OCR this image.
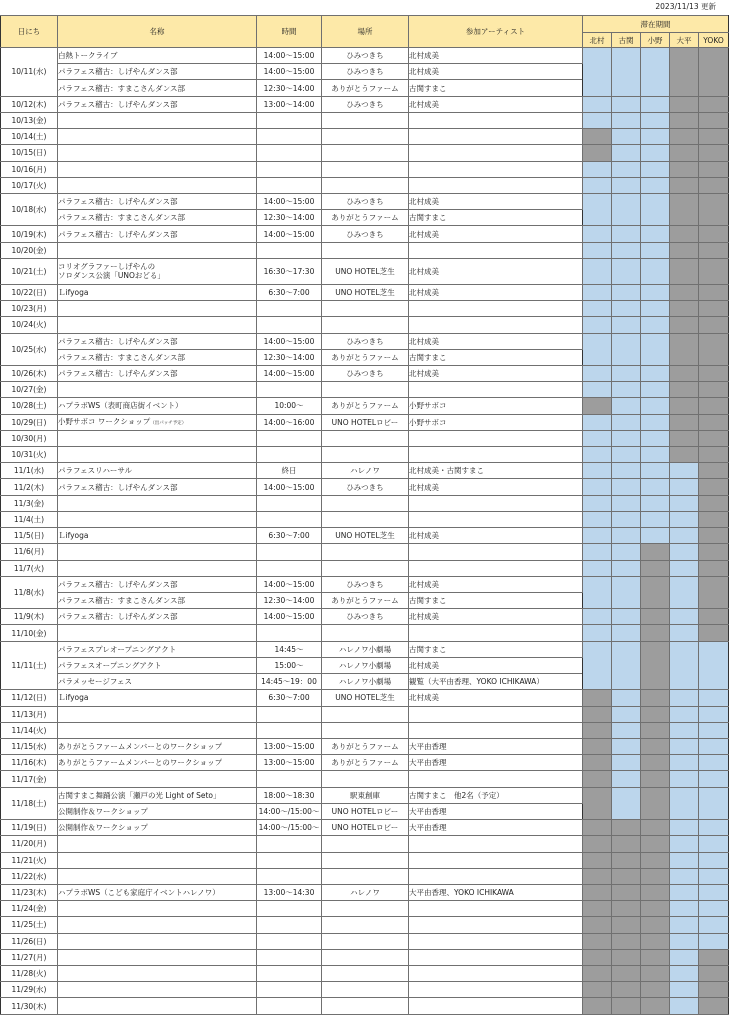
2023/11/13 更新
日にち	名称	時間	場所	参加アーティスト	滞在期間				
					北村	古関	小野	大平	YOKO
10/11(水)	白熱トークライブ	14:00～15:00	ひみつきち	北村成美					
	パラフェス稽古：しげやんダンス部	14:00～15:00	ひみつきち	北村成美					
	パラフェス稽古：すまこさんダンス部	12:30～14:00	ありがとうファーム	古関すまこ					
10/12(木)	パラフェス稽古：しげやんダンス部	13:00～14:00	ひみつきち	北村成美					
10/13(金)									
10/14(土)									
10/15(日)									
10/16(月)									
10/17(火)									
10/18(水)	パラフェス稽古：しげやんダンス部	14:00～15:00	ひみつきち	北村成美					
	パラフェス稽古：すまこさんダンス部	12:30～14:00	ありがとうファーム	古関すまこ					
10/19(木)	パラフェス稽古：しげやんダンス部	14:00～15:00	ひみつきち	北村成美					
10/20(金)									
10/21(土)	コリオグラファーしげやんの
ソロダンス公演「UNOおどる」	16:30～17:30	UNO HOTEL芝生	北村成美					
10/22(日)	Ｌifyoga	6:30～7:00	UNO HOTEL芝生	北村成美					
10/23(月)									
10/24(火)									
10/25(水)	パラフェス稽古：しげやんダンス部	14:00～15:00	ひみつきち	北村成美					
	パラフェス稽古：すまこさんダンス部	12:30～14:00	ありがとうファーム	古関すまこ					
10/26(木)	パラフェス稽古：しげやんダンス部	14:00～15:00	ひみつきち	北村成美					
10/27(金)									
10/28(土)	ハプラボWS（表町商店街イベント）	10:00～	ありがとうファーム	小野サボコ					
10/29(日)	小野サボコ ワークショップ（出パッチ予定）	14:00～16:00	UNO HOTELロビー	小野サボコ					
10/30(月)									
10/31(火)									
11/1(水)	パラフェスリハーサル	終日	ハレノワ	北村成美・古関すまこ					
11/2(木)	パラフェス稽古：しげやんダンス部	14:00～15:00	ひみつきち	北村成美					
11/3(金)									
11/4(土)									
11/5(日)	Ｌifyoga	6:30～7:00	UNO HOTEL芝生	北村成美					
11/6(月)									
11/7(火)									
11/8(水)	パラフェス稽古：しげやんダンス部	14:00～15:00	ひみつきち	北村成美					
	パラフェス稽古：すまこさんダンス部	12:30～14:00	ありがとうファーム	古関すまこ					
11/9(木)	パラフェス稽古：しげやんダンス部	14:00～15:00	ひみつきち	北村成美					
11/10(金)									
11/11(土)	パラフェスプレオープニングアクト	14:45～	ハレノワ小劇場	古関すまこ					
	パラフェスオープニングアクト	15:00～	ハレノワ小劇場	北村成美					
	パラメッセージフェス	14:45～19：00	ハレノワ小劇場	観覧（大平由香理、YOKO ICHIKAWA）					
11/12(日)	Ｌifyoga	6:30～7:00	UNO HOTEL芝生	北村成美					
11/13(月)									
11/14(火)									
11/15(水)	ありがとうファームメンバーとのワークショップ	13:00～15:00	ありがとうファーム	大平由香理					
11/16(木)	ありがとうファームメンバーとのワークショップ	13:00～15:00	ありがとうファーム	大平由香理					
11/17(金)									
11/18(土)	古関すまこ舞踊公演「瀬戸の光 Light of Seto」	18:00～18:30	駅東創庫	古関すまこ　他2名（予定）					
	公開制作＆ワークショップ	14:00～/15:00～	UNO HOTELロビー	大平由香理					
11/19(日)	公開制作＆ワークショップ	14:00～/15:00～	UNO HOTELロビー	大平由香理					
11/20(月)									
11/21(火)									
11/22(水)									
11/23(木)	ハプラボWS（こども家庭庁イベントハレノワ）	13:00～14:30	ハレノワ	大平由香理、YOKO ICHIKAWA					
11/24(金)									
11/25(土)									
11/26(日)									
11/27(月)									
11/28(火)									
11/29(水)									
11/30(木)									
